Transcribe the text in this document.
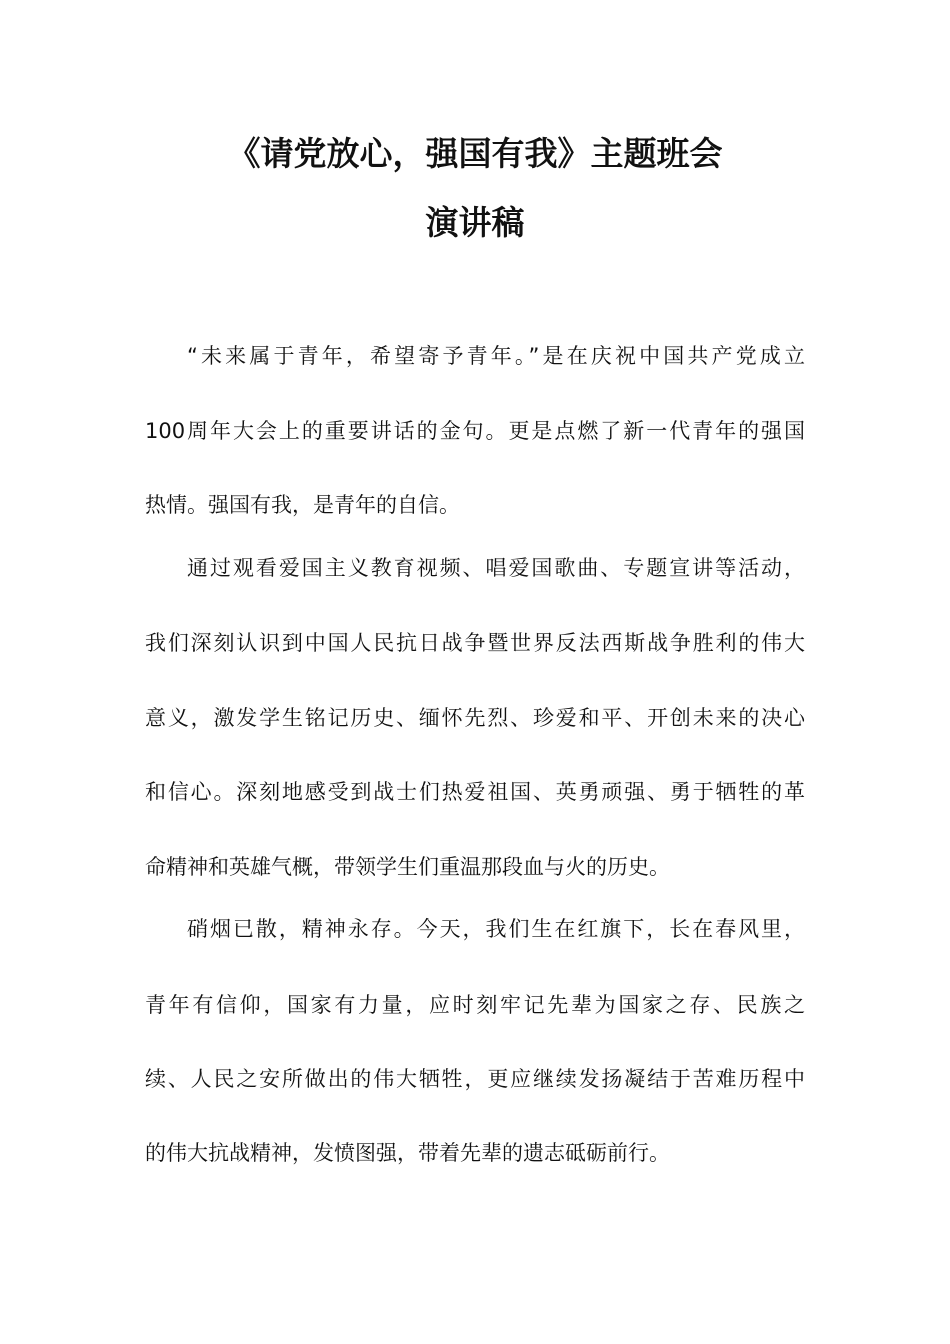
《请党放心，强国有我》主题班会
演讲稿
“未来属于青年，希望寄予青年。”是在庆祝中国共产党成立
100周年大会上的重要讲话的金句。更是点燃了新一代青年的强国
热情。强国有我，是青年的自信。
通过观看爱国主义教育视频、唱爱国歌曲、专题宣讲等活动，
我们深刻认识到中国人民抗日战争暨世界反法西斯战争胜利的伟大
意义，激发学生铭记历史、缅怀先烈、珍爱和平、开创未来的决心
和信心。深刻地感受到战士们热爱祖国、英勇顽强、勇于牺牲的革
命精神和英雄气概，带领学生们重温那段血与火的历史。
硝烟已散，精神永存。今天，我们生在红旗下，长在春风里，
青年有信仰，国家有力量，应时刻牢记先辈为国家之存、民族之
续、人民之安所做出的伟大牺牲，更应继续发扬凝结于苦难历程中
的伟大抗战精神，发愤图强，带着先辈的遗志砥砺前行。
